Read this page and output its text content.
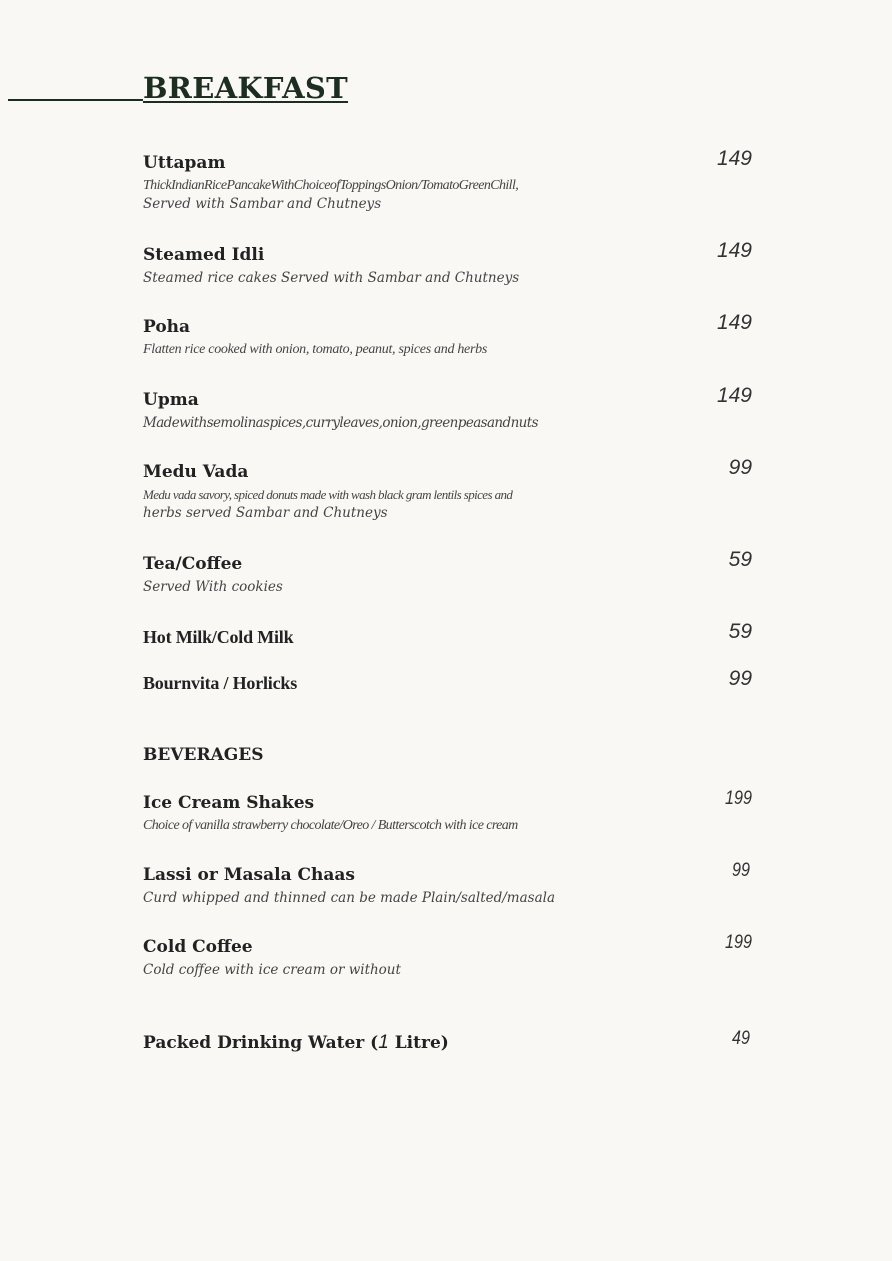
BREAKFAST
Uttapam
ThickIndianRicePancakeWithChoiceofToppingsOnion/TomatoGreenChill,
Served with Sambar and Chutneys
149
Steamed Idli
Steamed rice cakes Served with Sambar and Chutneys
149
Poha
Flatten rice cooked with onion, tomato, peanut, spices and herbs
149
Upma
Madewithsemolinaspices,curryleaves,onion,greenpeasandnuts
149
Medu Vada
Medu vada savory, spiced donuts made with wash black gram lentils spices and
herbs served Sambar and Chutneys
99
Tea/Coffee
Served With cookies
59
Hot Milk/Cold Milk	59
Bournvita / Horlicks	99
BEVERAGES
Ice Cream Shakes
Choice of vanilla strawberry chocolate/Oreo / Butterscotch with ice cream
199
Lassi or Masala Chaas
Curd whipped and thinned can be made Plain/salted/masala
99
Cold Coffee
Cold coffee with ice cream or without
199
Packed Drinking Water (1 Litre)	49
